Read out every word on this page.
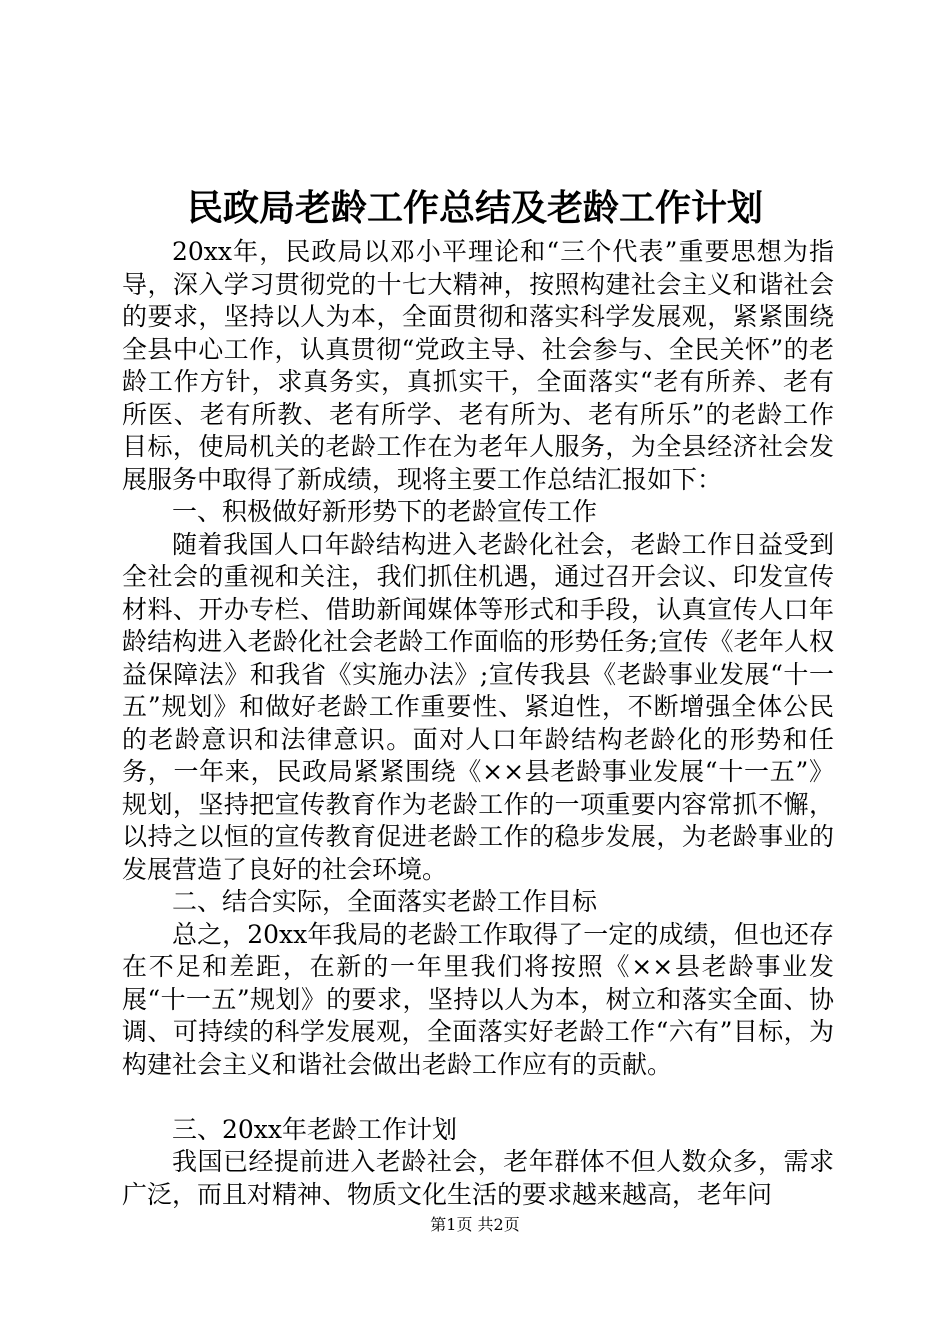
民政局老龄工作总结及老龄工作计划

20xx年，民政局以邓小平理论和“三个代表”重要思想为指导，深入学习贯彻党的十七大精神，按照构建社会主义和谐社会的要求，坚持以人为本，全面贯彻和落实科学发展观，紧紧围绕全县中心工作，认真贯彻“党政主导、社会参与、全民关怀”的老龄工作方针，求真务实，真抓实干，全面落实“老有所养、老有所医、老有所教、老有所学、老有所为、老有所乐”的老龄工作目标，使局机关的老龄工作在为老年人服务，为全县经济社会发展服务中取得了新成绩，现将主要工作总结汇报如下：

一、积极做好新形势下的老龄宣传工作

随着我国人口年龄结构进入老龄化社会，老龄工作日益受到全社会的重视和关注，我们抓住机遇，通过召开会议、印发宣传材料、开办专栏、借助新闻媒体等形式和手段，认真宣传人口年龄结构进入老龄化社会老龄工作面临的形势任务;宣传《老年人权益保障法》和我省《实施办法》;宣传我县《老龄事业发展“十一五”规划》和做好老龄工作重要性、紧迫性，不断增强全体公民的老龄意识和法律意识。面对人口年龄结构老龄化的形势和任务，一年来，民政局紧紧围绕《××县老龄事业发展“十一五”》规划，坚持把宣传教育作为老龄工作的一项重要内容常抓不懈，以持之以恒的宣传教育促进老龄工作的稳步发展，为老龄事业的发展营造了良好的社会环境。

二、结合实际，全面落实老龄工作目标

总之，20xx年我局的老龄工作取得了一定的成绩，但也还存在不足和差距，在新的一年里我们将按照《××县老龄事业发展“十一五”规划》的要求，坚持以人为本，树立和落实全面、协调、可持续的科学发展观，全面落实好老龄工作“六有”目标，为构建社会主义和谐社会做出老龄工作应有的贡献。

三、20xx年老龄工作计划

我国已经提前进入老龄社会，老年群体不但人数众多，需求广泛，而且对精神、物质文化生活的要求越来越高，老年问

第1页 共2页
